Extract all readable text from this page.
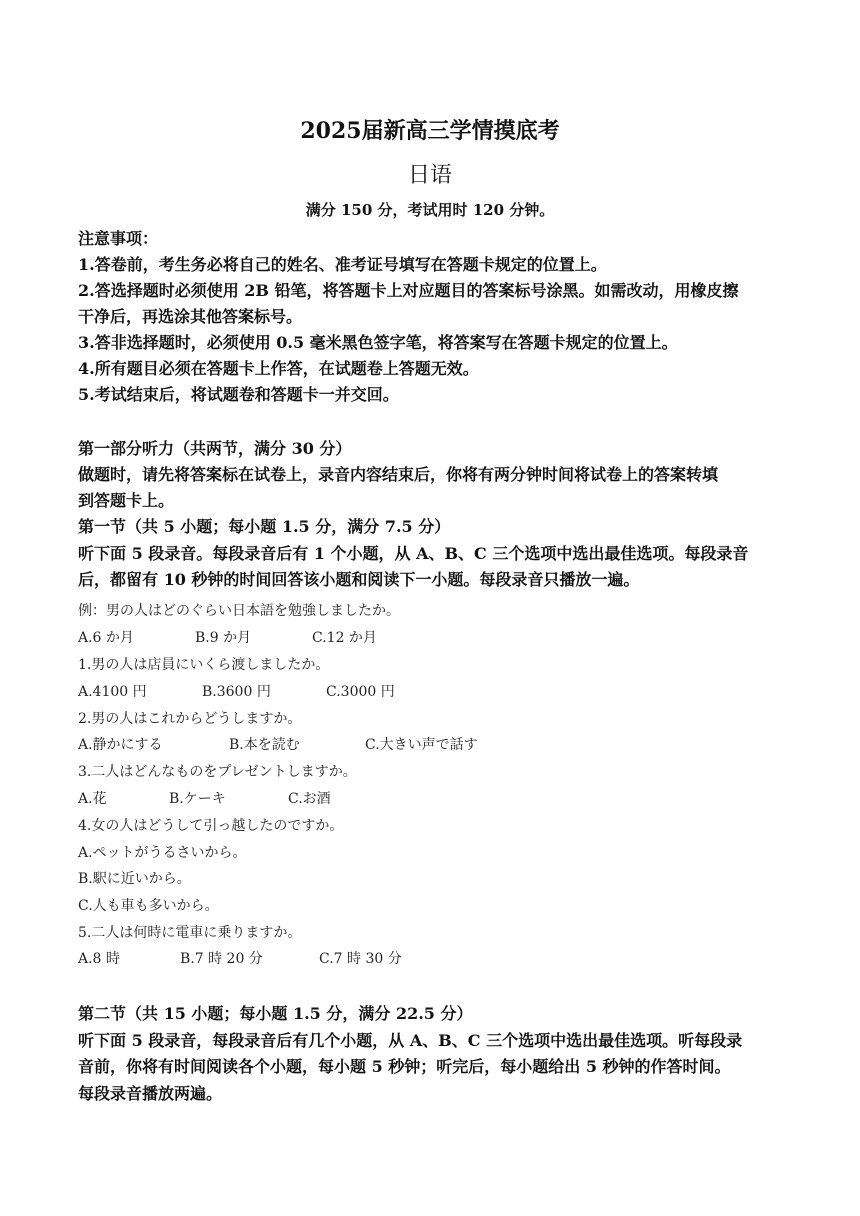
2025届新高三学情摸底考
日语
满分 150 分，考试用时 120 分钟。
注意事项：
1.答卷前，考生务必将自己的姓名、准考证号填写在答题卡规定的位置上。
2.答选择题时必须使用 2B 铅笔，将答题卡上对应题目的答案标号涂黑。如需改动，用橡皮擦
干净后，再选涂其他答案标号。
3.答非选择题时，必须使用 0.5 毫米黑色签字笔，将答案写在答题卡规定的位置上。
4.所有题目必须在答题卡上作答，在试题卷上答题无效。
5.考试结束后，将试题卷和答题卡一并交回。
第一部分听力（共两节，满分 30 分）
做题时，请先将答案标在试卷上，录音内容结束后，你将有两分钟时间将试卷上的答案转填
到答题卡上。
第一节（共 5 小题；每小题 1.5 分，满分 7.5 分）
听下面 5 段录音。每段录音后有 1 个小题，从 A、B、C 三个选项中选出最佳选项。每段录音
后，都留有 10 秒钟的时间回答该小题和阅读下一小题。每段录音只播放一遍。
例：男の人はどのぐらい日本語を勉強しましたか。
A.6 か月	B.9 か月	C.12 か月
1.男の人は店員にいくら渡しましたか。
A.4100 円	B.3600 円	C.3000 円
2.男の人はこれからどうしますか。
A.静かにする	B.本を読む	C.大きい声で話す
3.二人はどんなものをプレゼントしますか。
A.花	B.ケーキ	C.お酒
4.女の人はどうして引っ越したのですか。
A.ペットがうるさいから。
B.駅に近いから。
C.人も車も多いから。
5.二人は何時に電車に乗りますか。
A.8 時	B.7 時 20 分	C.7 時 30 分
第二节（共 15 小题；每小题 1.5 分，满分 22.5 分）
听下面 5 段录音，每段录音后有几个小题，从 A、B、C 三个选项中选出最佳选项。听每段录
音前，你将有时间阅读各个小题，每小题 5 秒钟；听完后，每小题给出 5 秒钟的作答时间。
每段录音播放两遍。
